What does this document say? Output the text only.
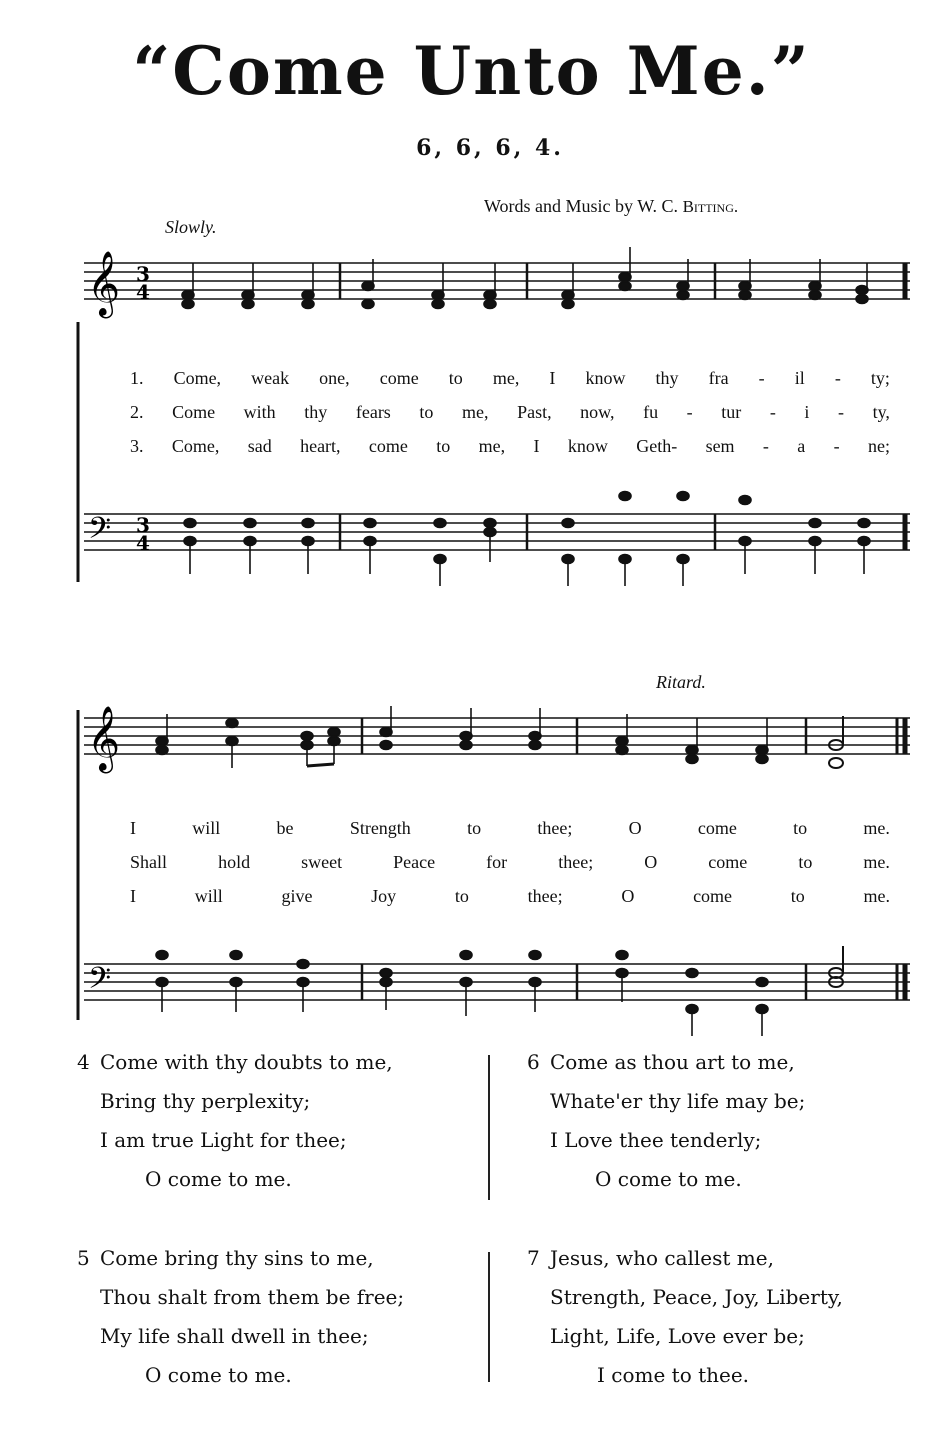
“Come Unto Me.”
6, 6, 6, 4.
Words and Music by W. C. Bitting.
Slowly.
Ritard.
𝄞 3
4
𝄢 3
4
1. Come, weak one, come to me, I know thy fra - il - ty;
2. Come with thy fears to me, Past, now, fu - tur - i - ty,
3. Come, sad heart, come to me, I know Geth- sem - a - ne;
𝄞
𝄢
I	will	be	Strength	to	thee;	O	come	to	me.
Shall	hold	sweet	Peace	for	thee;	O	come	to	me.
I	will	give	Joy	to	thee;	O	come	to	me.
4 Come with thy doubts to me,
Bring thy perplexity;
I am true Light for thee;
O come to me.
6 Come as thou art to me,
Whate'er thy life may be;
I Love thee tenderly;
O come to me.
5 Come bring thy sins to me,
Thou shalt from them be free;
My life shall dwell in thee;
O come to me.
7 Jesus, who callest me,
Strength, Peace, Joy, Liberty,
Light, Life, Love ever be;
I come to thee.
